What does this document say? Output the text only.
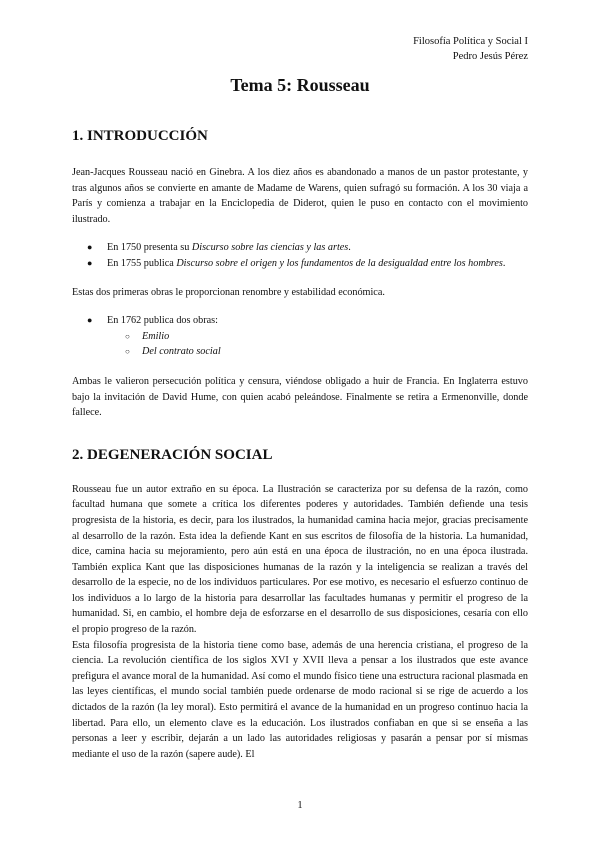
Filosofía Política y Social I
Pedro Jesús Pérez
Tema 5: Rousseau
1. INTRODUCCIÓN

Jean-Jacques Rousseau nació en Ginebra. A los diez años es abandonado a manos de un pastor protestante, y tras algunos años se convierte en amante de Madame de Warens, quien sufragó su formación. A los 30 viaja a París y comienza a trabajar en la Enciclopedia de Diderot, quien le puso en contacto con el movimiento ilustrado.

● En 1750 presenta su Discurso sobre las ciencias y las artes.
● En 1755 publica Discurso sobre el origen y los fundamentos de la desigualdad entre los hombres.

Estas dos primeras obras le proporcionan renombre y estabilidad económica.

● En 1762 publica dos obras:
○ Emilio
○ Del contrato social

Ambas le valieron persecución política y censura, viéndose obligado a huir de Francia. En Inglaterra estuvo bajo la invitación de David Hume, con quien acabó peleándose. Finalmente se retira a Ermenonville, donde fallece.

2. DEGENERACIÓN SOCIAL

Rousseau fue un autor extraño en su época. La Ilustración se caracteriza por su defensa de la razón, como facultad humana que somete a crítica los diferentes poderes y autoridades. También defiende una tesis progresista de la historia, es decir, para los ilustrados, la humanidad camina hacia mejor, gracias precisamente al desarrollo de la razón. Esta idea la defiende Kant en sus escritos de filosofía de la historia. La humanidad, dice, camina hacia su mejoramiento, pero aún está en una época de ilustración, no en una época ilustrada. También explica Kant que las disposiciones humanas de la razón y la inteligencia se realizan a través del desarrollo de la especie, no de los individuos particulares. Por ese motivo, es necesario el esfuerzo continuo de los individuos a lo largo de la historia para desarrollar las facultades humanas y permitir el progreso de la humanidad. Si, en cambio, el hombre deja de esforzarse en el desarrollo de sus disposiciones, cesaría con ello el propio progreso de la razón.

Esta filosofía progresista de la historia tiene como base, además de una herencia cristiana, el progreso de la ciencia. La revolución científica de los siglos XVI y XVII lleva a pensar a los ilustrados que este avance prefigura el avance moral de la humanidad. Así como el mundo físico tiene una estructura racional plasmada en las leyes científicas, el mundo social también puede ordenarse de modo racional si se rige de acuerdo a los dictados de la razón (la ley moral). Esto permitirá el avance de la humanidad en un progreso continuo hacia la libertad. Para ello, un elemento clave es la educación. Los ilustrados confiaban en que si se enseña a las personas a leer y escribir, dejarán a un lado las autoridades religiosas y pasarán a pensar por sí mismas mediante el uso de la razón (sapere aude). El

1
